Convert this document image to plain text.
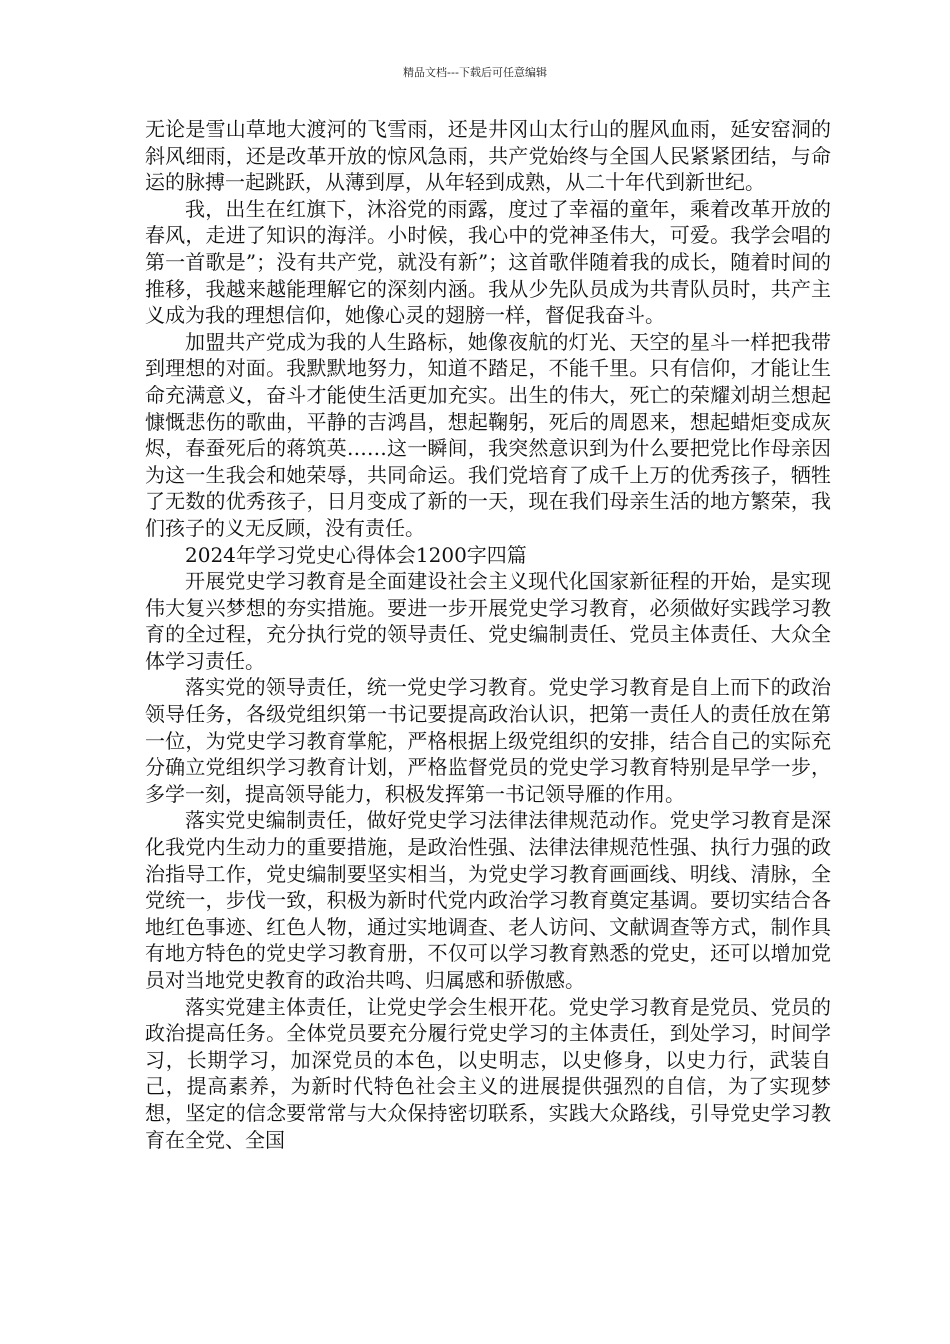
精品文档---下载后可任意编辑

无论是雪山草地大渡河的飞雪雨，还是井冈山太行山的腥风血雨，延安窑洞的斜风细雨，还是改革开放的惊风急雨，共产党始终与全国人民紧紧团结，与命运的脉搏一起跳跃，从薄到厚，从年轻到成熟，从二十年代到新世纪。

我，出生在红旗下，沐浴党的雨露，度过了幸福的童年，乘着改革开放的春风，走进了知识的海洋。小时候，我心中的党神圣伟大，可爱。我学会唱的第一首歌是”；没有共产党，就没有新”；这首歌伴随着我的成长，随着时间的推移，我越来越能理解它的深刻内涵。我从少先队员成为共青队员时，共产主义成为我的理想信仰，她像心灵的翅膀一样，督促我奋斗。

加盟共产党成为我的人生路标，她像夜航的灯光、天空的星斗一样把我带到理想的对面。我默默地努力，知道不踏足，不能千里。只有信仰，才能让生命充满意义，奋斗才能使生活更加充实。出生的伟大，死亡的荣耀刘胡兰想起慷慨悲伤的歌曲，平静的吉鸿昌，想起鞠躬，死后的周恩来，想起蜡炬变成灰烬，春蚕死后的蒋筑英……这一瞬间，我突然意识到为什么要把党比作母亲因为这一生我会和她荣辱，共同命运。我们党培育了成千上万的优秀孩子，牺牲了无数的优秀孩子，日月变成了新的一天，现在我们母亲生活的地方繁荣，我们孩子的义无反顾，没有责任。

2024年学习党史心得体会1200字四篇

开展党史学习教育是全面建设社会主义现代化国家新征程的开始，是实现伟大复兴梦想的夯实措施。要进一步开展党史学习教育，必须做好实践学习教育的全过程，充分执行党的领导责任、党史编制责任、党员主体责任、大众全体学习责任。

落实党的领导责任，统一党史学习教育。党史学习教育是自上而下的政治领导任务，各级党组织第一书记要提高政治认识，把第一责任人的责任放在第一位，为党史学习教育掌舵，严格根据上级党组织的安排，结合自己的实际充分确立党组织学习教育计划，严格监督党员的党史学习教育特别是早学一步，多学一刻，提高领导能力，积极发挥第一书记领导雁的作用。

落实党史编制责任，做好党史学习法律法律规范动作。党史学习教育是深化我党内生动力的重要措施，是政治性强、法律法律规范性强、执行力强的政治指导工作，党史编制要坚实相当，为党史学习教育画画线、明线、清脉，全党统一，步伐一致，积极为新时代党内政治学习教育奠定基调。要切实结合各地红色事迹、红色人物，通过实地调查、老人访问、文献调查等方式，制作具有地方特色的党史学习教育册，不仅可以学习教育熟悉的党史，还可以增加党员对当地党史教育的政治共鸣、归属感和骄傲感。

落实党建主体责任，让党史学会生根开花。党史学习教育是党员、党员的政治提高任务。全体党员要充分履行党史学习的主体责任，到处学习，时间学习，长期学习，加深党员的本色，以史明志，以史修身，以史力行，武装自己，提高素养，为新时代特色社会主义的进展提供强烈的自信，为了实现梦想，坚定的信念要常常与大众保持密切联系，实践大众路线，引导党史学习教育在全党、全国
